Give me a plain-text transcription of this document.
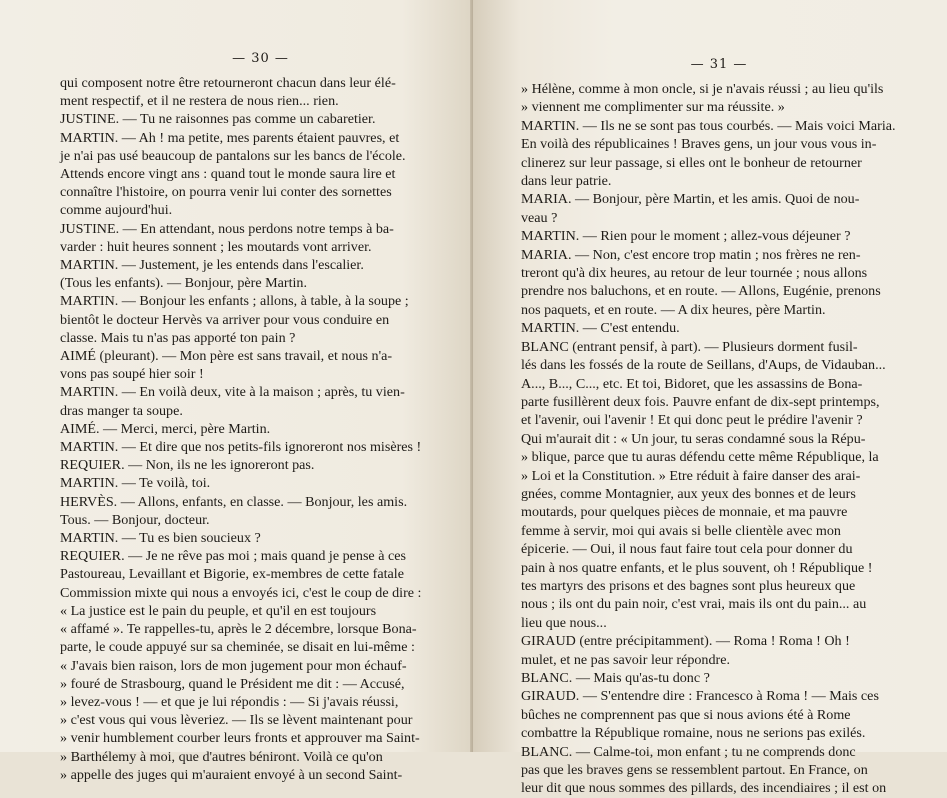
— 30 —
qui composent notre être retourneront chacun dans leur élé-
ment respectif, et il ne restera de nous rien... rien.
JUSTINE. — Tu ne raisonnes pas comme un cabaretier.
MARTIN. — Ah ! ma petite, mes parents étaient pauvres, et
je n'ai pas usé beaucoup de pantalons sur les bancs de l'école.
Attends encore vingt ans : quand tout le monde saura lire et
connaître l'histoire, on pourra venir lui conter des sornettes
comme aujourd'hui.
JUSTINE. — En attendant, nous perdons notre temps à ba-
varder : huit heures sonnent ; les moutards vont arriver.
MARTIN. — Justement, je les entends dans l'escalier.
(Tous les enfants). — Bonjour, père Martin.
MARTIN. — Bonjour les enfants ; allons, à table, à la soupe ;
bientôt le docteur Hervès va arriver pour vous conduire en
classe. Mais tu n'as pas apporté ton pain ?
AIMÉ (pleurant). — Mon père est sans travail, et nous n'a-
vons pas soupé hier soir !
MARTIN. — En voilà deux, vite à la maison ; après, tu vien-
dras manger ta soupe.
AIMÉ. — Merci, merci, père Martin.
MARTIN. — Et dire que nos petits-fils ignoreront nos misères !
REQUIER. — Non, ils ne les ignoreront pas.
MARTIN. — Te voilà, toi.
HERVÈS. — Allons, enfants, en classe. — Bonjour, les amis.
Tous. — Bonjour, docteur.
MARTIN. — Tu es bien soucieux ?
REQUIER. — Je ne rêve pas moi ; mais quand je pense à ces
Pastoureau, Levaillant et Bigorie, ex-membres de cette fatale
Commission mixte qui nous a envoyés ici, c'est le coup de dire :
« La justice est le pain du peuple, et qu'il en est toujours
« affamé ». Te rappelles-tu, après le 2 décembre, lorsque Bona-
parte, le coude appuyé sur sa cheminée, se disait en lui-même :
« J'avais bien raison, lors de mon jugement pour mon échauf-
» fouré de Strasbourg, quand le Président me dit : — Accusé,
» levez-vous ! — et que je lui répondis : — Si j'avais réussi,
» c'est vous qui vous lèveriez. — Ils se lèvent maintenant pour
» venir humblement courber leurs fronts et approuver ma Saint-
» Barthélemy à moi, que d'autres béniront. Voilà ce qu'on
» appelle des juges qui m'auraient envoyé à un second Saint-
— 31 —
» Hélène, comme à mon oncle, si je n'avais réussi ; au lieu qu'ils
» viennent me complimenter sur ma réussite. »
MARTIN. — Ils ne se sont pas tous courbés. — Mais voici Maria.
En voilà des républicaines ! Braves gens, un jour vous vous in-
clinerez sur leur passage, si elles ont le bonheur de retourner
dans leur patrie.
MARIA. — Bonjour, père Martin, et les amis. Quoi de nou-
veau ?
MARTIN. — Rien pour le moment ; allez-vous déjeuner ?
MARIA. — Non, c'est encore trop matin ; nos frères ne ren-
treront qu'à dix heures, au retour de leur tournée ; nous allons
prendre nos baluchons, et en route. — Allons, Eugénie, prenons
nos paquets, et en route. — A dix heures, père Martin.
MARTIN. — C'est entendu.
BLANC (entrant pensif, à part). — Plusieurs dorment fusil-
lés dans les fossés de la route de Seillans, d'Aups, de Vidauban...
A..., B..., C..., etc. Et toi, Bidoret, que les assassins de Bona-
parte fusillèrent deux fois. Pauvre enfant de dix-sept printemps,
et l'avenir, oui l'avenir ! Et qui donc peut le prédire l'avenir ?
Qui m'aurait dit : « Un jour, tu seras condamné sous la Répu-
» blique, parce que tu auras défendu cette même République, la
» Loi et la Constitution. » Etre réduit à faire danser des arai-
gnées, comme Montagnier, aux yeux des bonnes et de leurs
moutards, pour quelques pièces de monnaie, et ma pauvre
femme à servir, moi qui avais si belle clientèle avec mon
épicerie. — Oui, il nous faut faire tout cela pour donner du
pain à nos quatre enfants, et le plus souvent, oh ! République !
tes martyrs des prisons et des bagnes sont plus heureux que
nous ; ils ont du pain noir, c'est vrai, mais ils ont du pain... au
lieu que nous...
GIRAUD (entre précipitamment). — Roma ! Roma ! Oh !
mulet, et ne pas savoir leur répondre.
BLANC. — Mais qu'as-tu donc ?
GIRAUD. — S'entendre dire : Francesco à Roma ! — Mais ces
bûches ne comprennent pas que si nous avions été à Rome
combattre la République romaine, nous ne serions pas exilés.
BLANC. — Calme-toi, mon enfant ; tu ne comprends donc
pas que les braves gens se ressemblent partout. En France, on
leur dit que nous sommes des pillards, des incendiaires ; il est on
